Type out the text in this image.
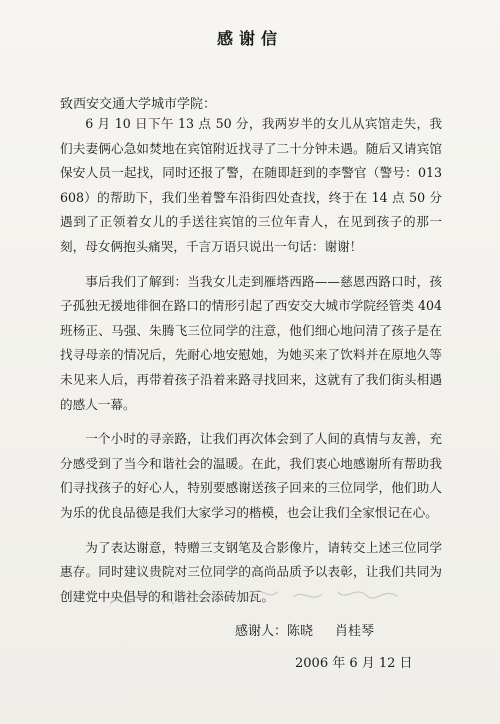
感谢信
致西安交通大学城市学院：

6 月 10 日下午 13 点 50 分，我两岁半的女儿从宾馆走失，我们夫妻俩心急如焚地在宾馆附近找寻了二十分钟未遇。随后又请宾馆保安人员一起找，同时还报了警，在随即赶到的李警官（警号：013608）的帮助下，我们坐着警车沿街四处查找，终于在 14 点 50 分遇到了正领着女儿的手送往宾馆的三位年青人，在见到孩子的那一刻，母女俩抱头痛哭，千言万语只说出一句话：谢谢！

事后我们了解到：当我女儿走到雁塔西路——慈恩西路口时，孩子孤独无援地徘徊在路口的情形引起了西安交大城市学院经管类 404 班杨正、马强、朱腾飞三位同学的注意，他们细心地问清了孩子是在找寻母亲的情况后，先耐心地安慰她，为她买来了饮料并在原地久等未见来人后，再带着孩子沿着来路寻找回来，这就有了我们街头相遇的感人一幕。

一个小时的寻亲路，让我们再次体会到了人间的真情与友善，充分感受到了当今和谐社会的温暖。在此，我们衷心地感谢所有帮助我们寻找孩子的好心人，特别要感谢送孩子回来的三位同学，他们助人为乐的优良品德是我们大家学习的楷模，也会让我们全家恨记在心。

为了表达谢意，特赠三支钢笔及合影像片，请转交上述三位同学惠存。同时建议贵院对三位同学的高尚品质予以表彰，让我们共同为创建党中央倡导的和谐社会添砖加瓦。

感谢人：陈晓 肖桂琴
2006 年 6 月 12 日
